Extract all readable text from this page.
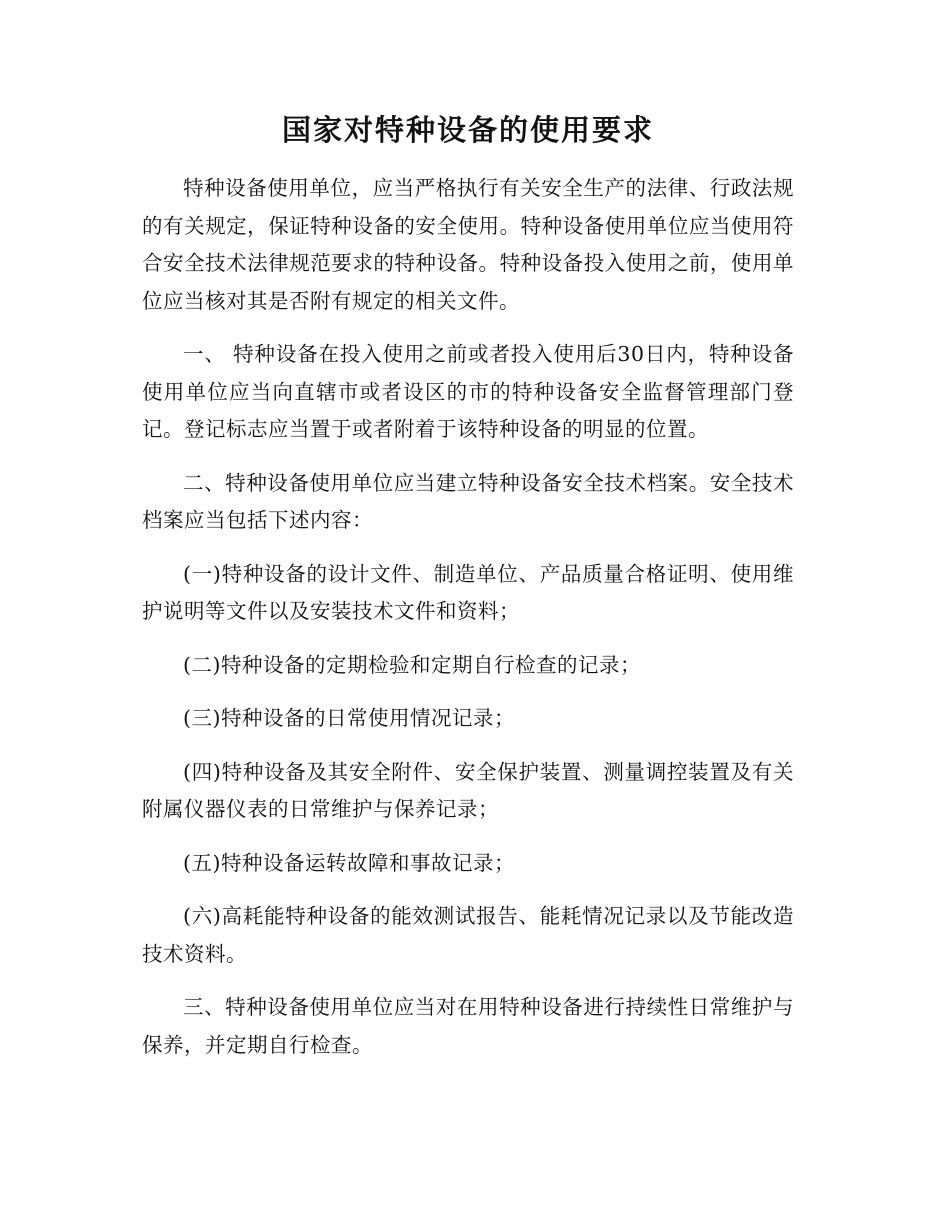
国家对特种设备的使用要求

特种设备使用单位，应当严格执行有关安全生产的法律、行政法规的有关规定，保证特种设备的安全使用。特种设备使用单位应当使用符合安全技术法律规范要求的特种设备。特种设备投入使用之前，使用单位应当核对其是否附有规定的相关文件。

一、 特种设备在投入使用之前或者投入使用后30日内，特种设备使用单位应当向直辖市或者设区的市的特种设备安全监督管理部门登记。登记标志应当置于或者附着于该特种设备的明显的位置。

二、特种设备使用单位应当建立特种设备安全技术档案。安全技术档案应当包括下述内容：

(一)特种设备的设计文件、制造单位、产品质量合格证明、使用维护说明等文件以及安装技术文件和资料；

(二)特种设备的定期检验和定期自行检查的记录；

(三)特种设备的日常使用情况记录；

(四)特种设备及其安全附件、安全保护装置、测量调控装置及有关附属仪器仪表的日常维护与保养记录；

(五)特种设备运转故障和事故记录；

(六)高耗能特种设备的能效测试报告、能耗情况记录以及节能改造技术资料。

三、特种设备使用单位应当对在用特种设备进行持续性日常维护与保养，并定期自行检查。
